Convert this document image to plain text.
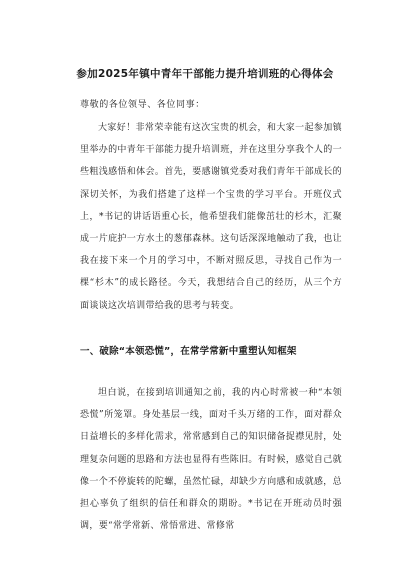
参加2025年镇中青年干部能力提升培训班的心得体会
尊敬的各位领导、各位同事：

大家好！非常荣幸能有这次宝贵的机会，和大家一起参加镇里举办的中青年干部能力提升培训班，并在这里分享我个人的一些粗浅感悟和体会。首先，要感谢镇党委对我们青年干部成长的深切关怀，为我们搭建了这样一个宝贵的学习平台。开班仪式上，*书记的讲话语重心长，他希望我们能像茁壮的杉木，汇聚成一片庇护一方水土的葱郁森林。这句话深深地触动了我，也让我在接下来一个月的学习中，不断对照反思，寻找自己作为一棵“杉木”的成长路径。今天，我想结合自己的经历，从三个方面谈谈这次培训带给我的思考与转变。

一、破除“本领恐慌”，在常学常新中重塑认知框架

坦白说，在接到培训通知之前，我的内心时常被一种“本领恐慌”所笼罩。身处基层一线，面对千头万绪的工作，面对群众日益增长的多样化需求，常常感到自己的知识储备捉襟见肘，处理复杂问题的思路和方法也显得有些陈旧。有时候，感觉自己就像一个不停旋转的陀螺，虽然忙碌，却缺少方向感和成就感，总担心辜负了组织的信任和群众的期盼。*书记在开班动员时强调，要“常学常新、常悟常进、常修常
